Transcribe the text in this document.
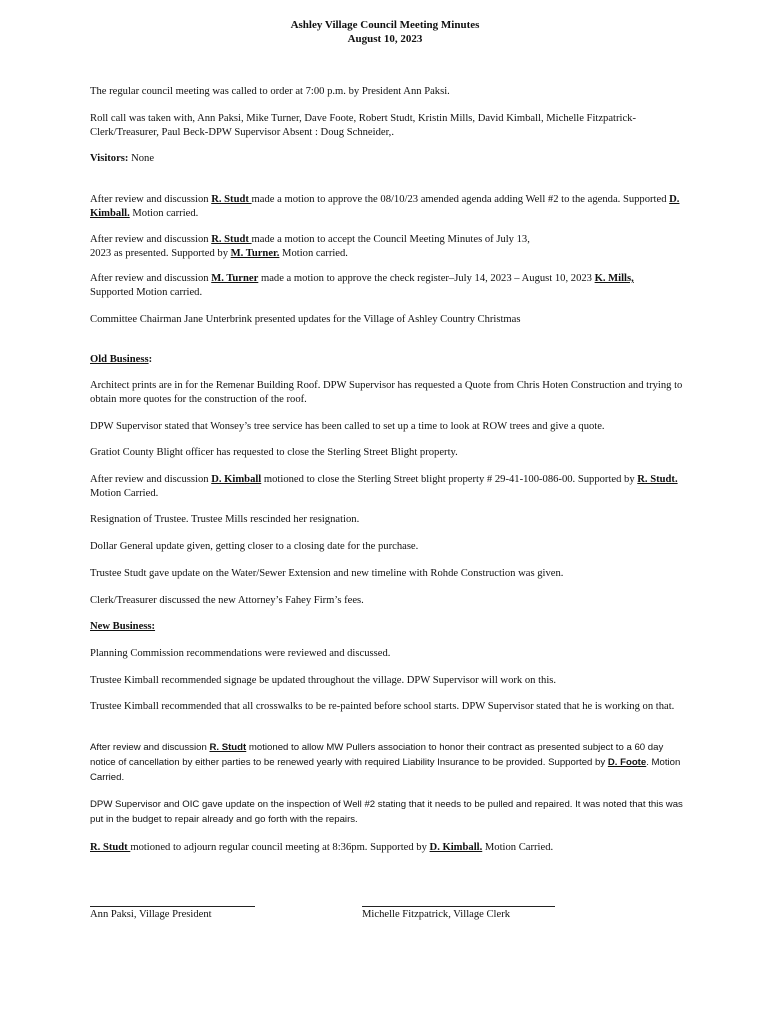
Ashley Village Council Meeting Minutes
August 10, 2023

The regular council meeting was called to order at 7:00 p.m. by President Ann Paksi.

Roll call was taken with, Ann Paksi, Mike Turner, Dave Foote, Robert Studt, Kristin Mills, David Kimball, Michelle Fitzpatrick-Clerk/Treasurer, Paul Beck-DPW Supervisor Absent : Doug Schneider,.

Visitors: None

After review and discussion R. Studt made a motion to approve the 08/10/23 amended agenda adding Well #2 to the agenda. Supported D. Kimball. Motion carried.

After review and discussion R. Studt made a motion to accept the Council Meeting Minutes of July 13, 2023 as presented. Supported by M. Turner. Motion carried.

After review and discussion M. Turner made a motion to approve the check register–July 14, 2023 – August 10, 2023 K. Mills, Supported Motion carried.

Committee Chairman Jane Unterbrink presented updates for the Village of Ashley Country Christmas

Old Business:

Architect prints are in for the Remenar Building Roof. DPW Supervisor has requested a Quote from Chris Hoten Construction and trying to obtain more quotes for the construction of the roof.

DPW Supervisor stated that Wonsey’s tree service has been called to set up a time to look at ROW trees and give a quote.

Gratiot County Blight officer has requested to close the Sterling Street Blight property.

After review and discussion D. Kimball motioned to close the Sterling Street blight property # 29-41-100-086-00. Supported by R. Studt. Motion Carried.

Resignation of Trustee. Trustee Mills rescinded her resignation.

Dollar General update given, getting closer to a closing date for the purchase.

Trustee Studt gave update on the Water/Sewer Extension and new timeline with Rohde Construction was given.

Clerk/Treasurer discussed the new Attorney’s Fahey Firm’s fees.

New Business:

Planning Commission recommendations were reviewed and discussed.

Trustee Kimball recommended signage be updated throughout the village. DPW Supervisor will work on this.

Trustee Kimball recommended that all crosswalks to be re-painted before school starts. DPW Supervisor stated that he is working on that.

After review and discussion R. Studt motioned to allow MW Pullers association to honor their contract as presented subject to a 60 day notice of cancellation by either parties to be renewed yearly with required Liability Insurance to be provided. Supported by D. Foote. Motion Carried.

DPW Supervisor and OIC gave update on the inspection of Well #2 stating that it needs to be pulled and repaired. It was noted that this was put in the budget to repair already and go forth with the repairs.

R. Studt motioned to adjourn regular council meeting at 8:36pm. Supported by D. Kimball. Motion Carried.

Ann Paksi, Village President	Michelle Fitzpatrick, Village Clerk
